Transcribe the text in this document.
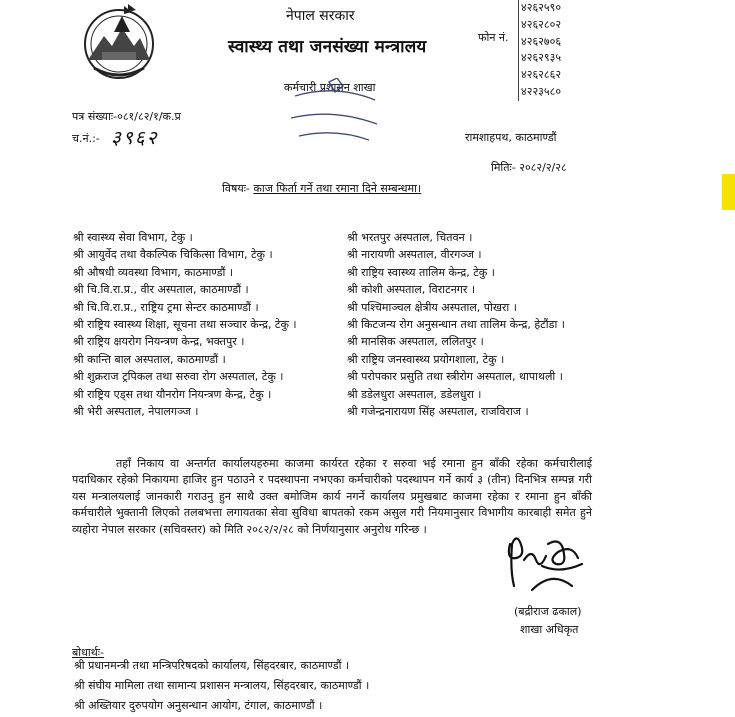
नेपाल सरकार
स्वास्थ्य तथा जनसंख्या मन्त्रालय
कर्मचारी प्रशासन शाखा
फोन नं.
४२६२५९०
४२६२८०२
४२६२७०६
४२६२९३५
४२६२८६२
४२२३५८०
पत्र संख्याः-०८१/८२/१/क.प्र
च.नं.:- ३९६२	रामशाहपथ, काठमाण्डौं
मितिः- २०८२/२/२८
विषयः- काज फिर्ता गर्ने तथा रमाना दिने सम्बन्धमा।
श्री स्वास्थ्य सेवा विभाग, टेकु ।
श्री आयुर्वेद तथा वैकल्पिक चिकित्सा विभाग, टेकु ।
श्री औषधी व्यवस्था विभाग, काठमाण्डौं ।
श्री चि.वि.रा.प्र., वीर अस्पताल, काठमाण्डौं ।
श्री चि.वि.रा.प्र., राष्ट्रिय ट्रमा सेन्टर काठमाण्डौं ।
श्री राष्ट्रिय स्वास्थ्य शिक्षा, सूचना तथा सञ्चार केन्द्र, टेकु ।
श्री राष्ट्रिय क्षयरोग नियन्त्रण केन्द्र, भक्तपुर ।
श्री कान्ति बाल अस्पताल, काठमाण्डौं ।
श्री शुक्रराज ट्रपिकल तथा सरुवा रोग अस्पताल, टेकु ।
श्री राष्ट्रिय एड्स तथा यौनरोग नियन्त्रण केन्द्र, टेकु ।
श्री भेरी अस्पताल, नेपालगञ्ज ।
श्री भरतपुर अस्पताल, चितवन ।
श्री नारायणी अस्पताल, वीरगञ्ज ।
श्री राष्ट्रिय स्वास्थ्य तालिम केन्द्र, टेकु ।
श्री कोशी अस्पताल, विराटनगर ।
श्री पश्चिमाञ्चल क्षेत्रीय अस्पताल, पोखरा ।
श्री किटजन्य रोग अनुसन्धान तथा तालिम केन्द्र, हेटौंडा ।
श्री मानसिक अस्पताल, ललितपुर ।
श्री राष्ट्रिय जनस्वास्थ्य प्रयोगशाला, टेकु ।
श्री परोपकार प्रसुति तथा स्त्रीरोग अस्पताल, थापाथली ।
श्री डडेलधुरा अस्पताल, डडेलधुरा ।
श्री गजेन्द्रनारायण सिंह अस्पताल, राजविराज ।
तहाँ निकाय वा अन्तर्गत कार्यालयहरुमा काजमा कार्यरत रहेका र सरुवा भई रमाना हुन बाँकी रहेका कर्मचारीलाई पदाधिकार रहेको निकायमा हाजिर हुन पठाउने र पदस्थापना नभएका कर्मचारीको पदस्थापन गर्ने कार्य ३ (तीन) दिनभित्र सम्पन्न गरी यस मन्त्रालयलाई जानकारी गराउनु हुन साथै उक्त बमोजिम कार्य नगर्ने कार्यालय प्रमुखबाट काजमा रहेका र रमाना हुन बाँकी कर्मचारीले भुक्तानी लिएको तलबभत्ता लगायतका सेवा सुविधा बापतको रकम असुल गरी नियमानुसार विभागीय कारबाही समेत हुने व्यहोरा नेपाल सरकार (सचिवस्तर) को मिति २०८२/२/२८ को निर्णयानुसार अनुरोध गरिन्छ ।
(बद्रीराज ढकाल)
शाखा अधिकृत
बोधार्थः-
श्री प्रधानमन्त्री तथा मन्त्रिपरिषदको कार्यालय, सिंहदरबार, काठमाण्डौं ।
श्री संघीय मामिला तथा सामान्य प्रशासन मन्त्रालय, सिंहदरबार, काठमाण्डौं ।
श्री अख्तियार दुरुपयोग अनुसन्धान आयोग, टंगाल, काठमाण्डौं ।
